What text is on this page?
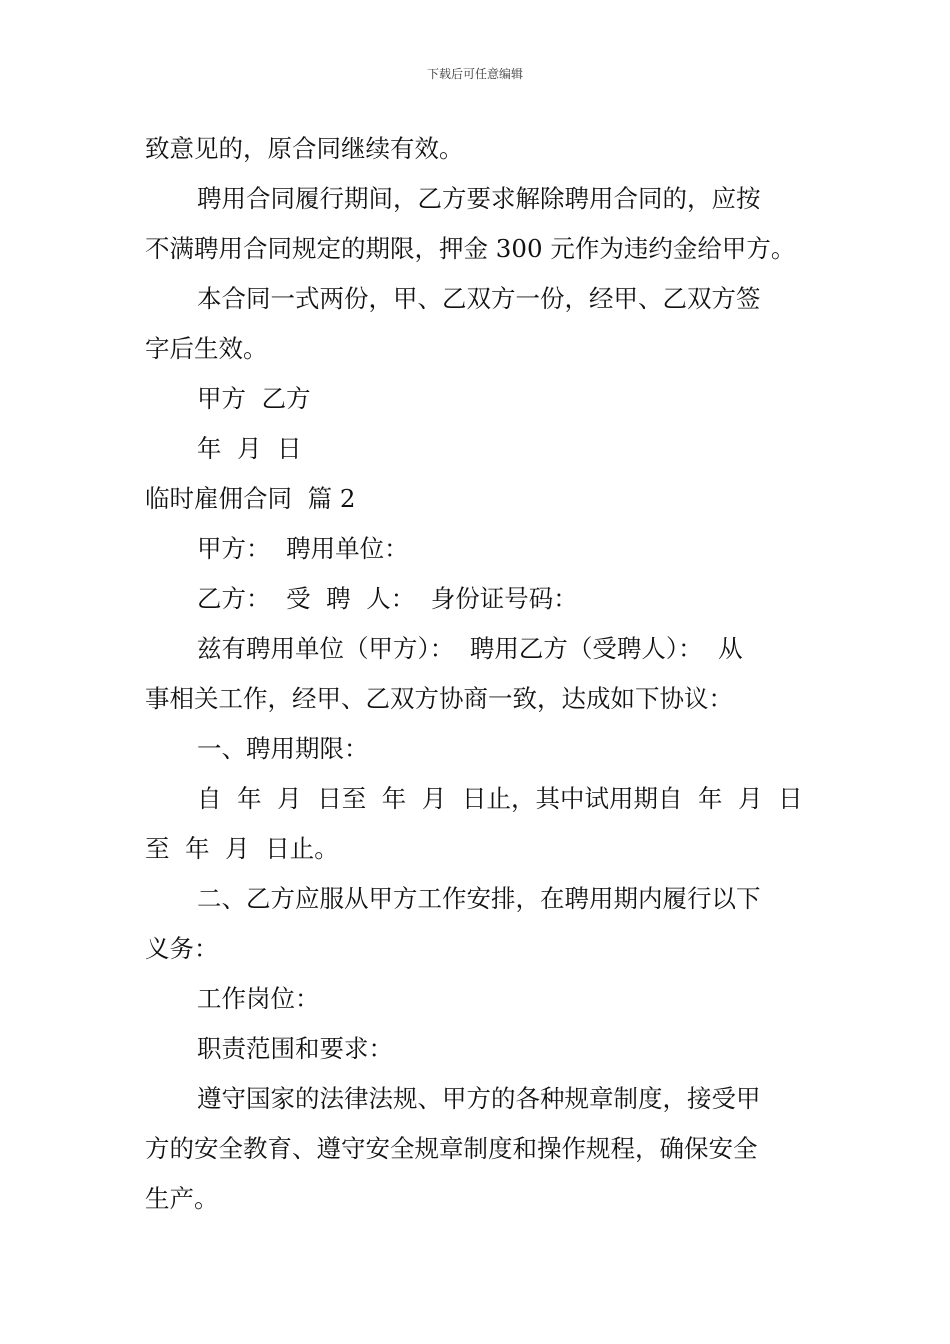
下载后可任意编辑
致意见的，原合同继续有效。
聘用合同履行期间，乙方要求解除聘用合同的，应按
不满聘用合同规定的期限，押金 300 元作为违约金给甲方。
本合同一式两份，甲、乙双方一份，经甲、乙双方签
字后生效。
甲方  乙方
年  月  日
临时雇佣合同  篇 2
甲方：  聘用单位：
乙方：  受  聘  人：  身份证号码：
兹有聘用单位（甲方）：  聘用乙方（受聘人）：  从
事相关工作，经甲、乙双方协商一致，达成如下协议：
一、聘用期限：
自  年  月  日至  年  月  日止，其中试用期自  年  月  日
至  年  月  日止。
二、乙方应服从甲方工作安排，在聘用期内履行以下
义务：
工作岗位：
职责范围和要求：
遵守国家的法律法规、甲方的各种规章制度，接受甲
方的安全教育、遵守安全规章制度和操作规程，确保安全
生产。
